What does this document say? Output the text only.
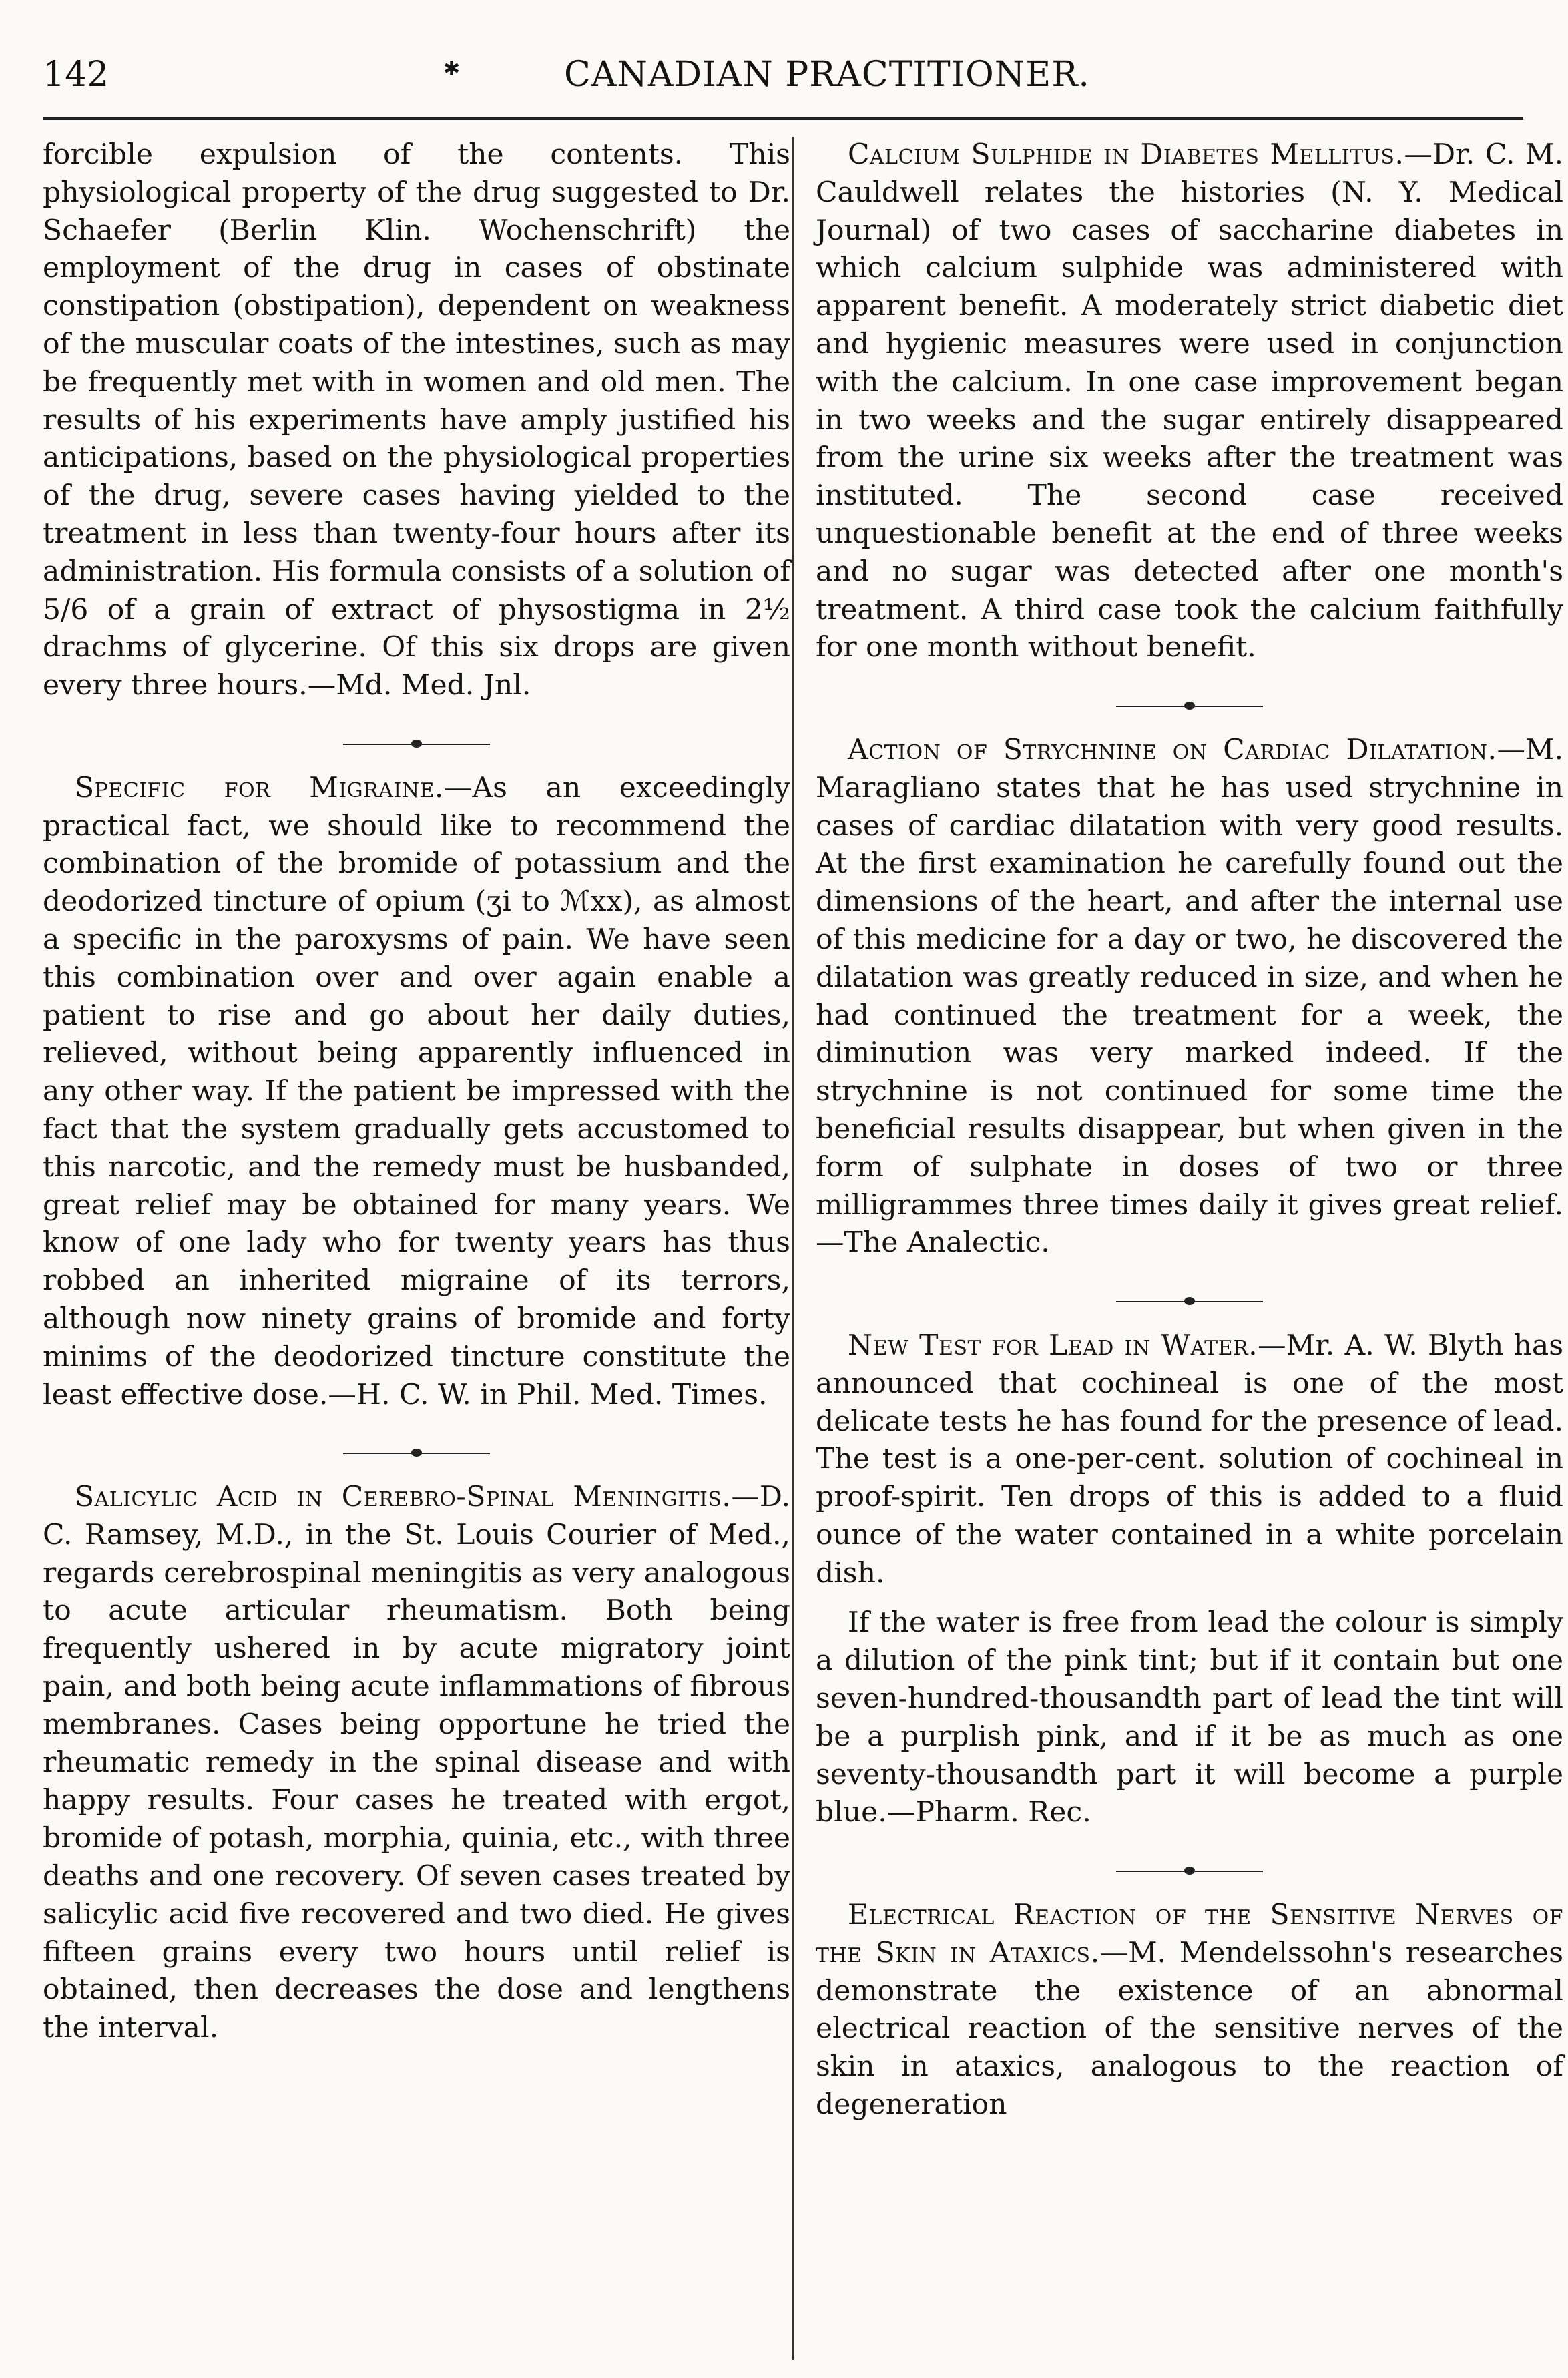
142	✱	CANADIAN PRACTITIONER.

forcible expulsion of the contents. This physiological property of the drug suggested to Dr. Schaefer (Berlin Klin. Wochenschrift) the employment of the drug in cases of obstinate constipation (obstipation), dependent on weakness of the muscular coats of the intestines, such as may be frequently met with in women and old men. The results of his experiments have amply justified his anticipations, based on the physiological properties of the drug, severe cases having yielded to the treatment in less than twenty-four hours after its administration. His formula consists of a solution of 5/6 of a grain of extract of physostigma in 2½ drachms of glycerine. Of this six drops are given every three hours.—Md. Med. Jnl.

Specific for Migraine.—As an exceedingly practical fact, we should like to recommend the combination of the bromide of potassium and the deodorized tincture of opium (ʒi to ℳxx), as almost a specific in the paroxysms of pain. We have seen this combination over and over again enable a patient to rise and go about her daily duties, relieved, without being apparently influenced in any other way. If the patient be impressed with the fact that the system gradually gets accustomed to this narcotic, and the remedy must be husbanded, great relief may be obtained for many years. We know of one lady who for twenty years has thus robbed an inherited migraine of its terrors, although now ninety grains of bromide and forty minims of the deodorized tincture constitute the least effective dose.—H. C. W. in Phil. Med. Times.

Salicylic Acid in Cerebro-Spinal Meningitis.—D. C. Ramsey, M.D., in the St. Louis Courier of Med., regards cerebrospinal meningitis as very analogous to acute articular rheumatism. Both being frequently ushered in by acute migratory joint pain, and both being acute inflammations of fibrous membranes. Cases being opportune he tried the rheumatic remedy in the spinal disease and with happy results. Four cases he treated with ergot, bromide of potash, morphia, quinia, etc., with three deaths and one recovery. Of seven cases treated by salicylic acid five recovered and two died. He gives fifteen grains every two hours until relief is obtained, then decreases the dose and lengthens the interval.

Calcium Sulphide in Diabetes Mellitus.—Dr. C. M. Cauldwell relates the histories (N. Y. Medical Journal) of two cases of saccharine diabetes in which calcium sulphide was administered with apparent benefit. A moderately strict diabetic diet and hygienic measures were used in conjunction with the calcium. In one case improvement began in two weeks and the sugar entirely disappeared from the urine six weeks after the treatment was instituted. The second case received unquestionable benefit at the end of three weeks and no sugar was detected after one month's treatment. A third case took the calcium faithfully for one month without benefit.

Action of Strychnine on Cardiac Dilatation.—M. Maragliano states that he has used strychnine in cases of cardiac dilatation with very good results. At the first examination he carefully found out the dimensions of the heart, and after the internal use of this medicine for a day or two, he discovered the dilatation was greatly reduced in size, and when he had continued the treatment for a week, the diminution was very marked indeed. If the strychnine is not continued for some time the beneficial results disappear, but when given in the form of sulphate in doses of two or three milligrammes three times daily it gives great relief.—The Analectic.

New Test for Lead in Water.—Mr. A. W. Blyth has announced that cochineal is one of the most delicate tests he has found for the presence of lead. The test is a one-per-cent. solution of cochineal in proof-spirit. Ten drops of this is added to a fluid ounce of the water contained in a white porcelain dish.

If the water is free from lead the colour is simply a dilution of the pink tint; but if it contain but one seven-hundred-thousandth part of lead the tint will be a purplish pink, and if it be as much as one seventy-thousandth part it will become a purple blue.—Pharm. Rec.

Electrical Reaction of the Sensitive Nerves of the Skin in Ataxics.—M. Mendelssohn's researches demonstrate the existence of an abnormal electrical reaction of the sensitive nerves of the skin in ataxics, analogous to the reaction of degeneration
